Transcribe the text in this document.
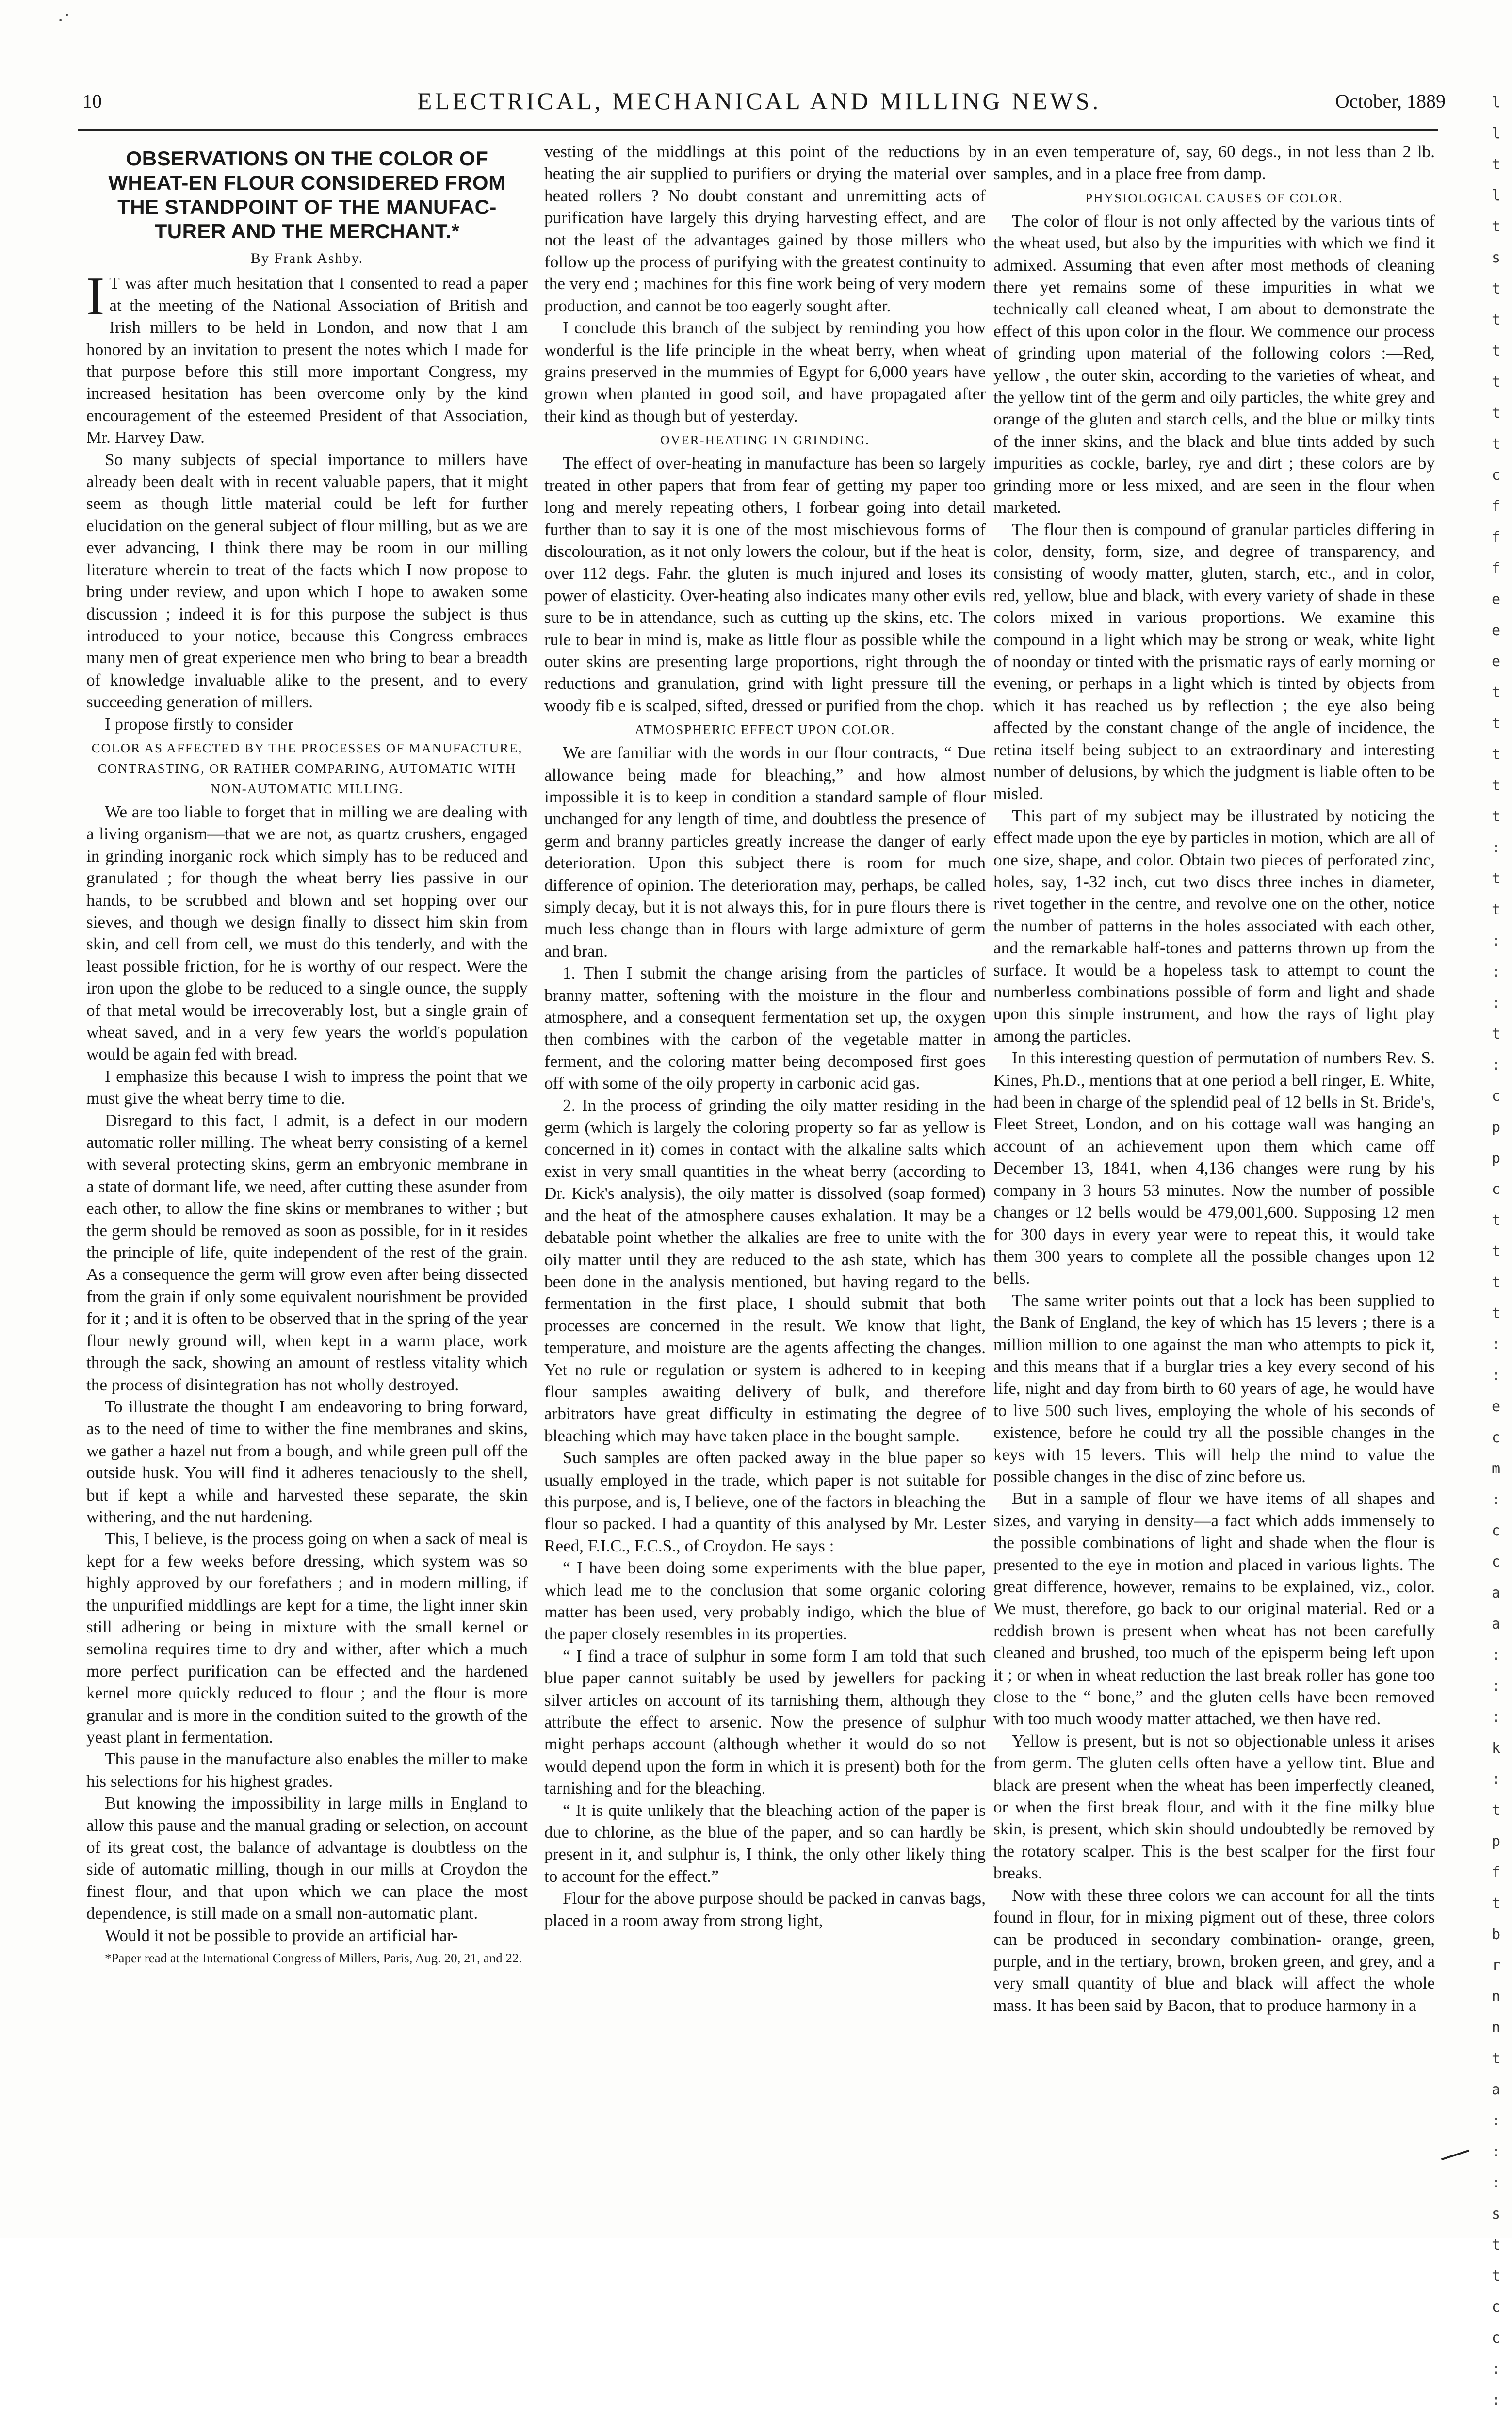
·˙
10	ELECTRICAL, MECHANICAL AND MILLING NEWS.	October, 1889
OBSERVATIONS ON THE COLOR OF WHEAT-EN FLOUR CONSIDERED FROM THE STANDPOINT OF THE MANUFAC-TURER AND THE MERCHANT.*
By Frank Ashby.

I T was after much hesitation that I consented to read a paper at the meeting of the National Association of British and Irish millers to be held in London, and now that I am honored by an invitation to present the notes which I made for that purpose before this still more important Congress, my increased hesitation has been overcome only by the kind encouragement of the esteemed President of that Association, Mr. Harvey Daw.

So many subjects of special importance to millers have already been dealt with in recent valuable papers, that it might seem as though little material could be left for further elucidation on the general subject of flour milling, but as we are ever advancing, I think there may be room in our milling literature wherein to treat of the facts which I now propose to bring under review, and upon which I hope to awaken some discussion ; indeed it is for this purpose the subject is thus introduced to your notice, because this Congress embraces many men of great experience men who bring to bear a breadth of knowledge invaluable alike to the present, and to every succeeding generation of millers.

I propose firstly to consider

COLOR AS AFFECTED BY THE PROCESSES OF MANUFACTURE, CONTRASTING, OR RATHER COMPARING, AUTOMATIC WITH NON-AUTOMATIC MILLING.

We are too liable to forget that in milling we are dealing with a living organism—that we are not, as quartz crushers, engaged in grinding inorganic rock which simply has to be reduced and granulated ; for though the wheat berry lies passive in our hands, to be scrubbed and blown and set hopping over our sieves, and though we design finally to dissect him skin from skin, and cell from cell, we must do this tenderly, and with the least possible friction, for he is worthy of our respect. Were the iron upon the globe to be reduced to a single ounce, the supply of that metal would be irrecoverably lost, but a single grain of wheat saved, and in a very few years the world's population would be again fed with bread.

I emphasize this because I wish to impress the point that we must give the wheat berry time to die.

Disregard to this fact, I admit, is a defect in our modern automatic roller milling. The wheat berry consisting of a kernel with several protecting skins, germ an embryonic membrane in a state of dormant life, we need, after cutting these asunder from each other, to allow the fine skins or membranes to wither ; but the germ should be removed as soon as possible, for in it resides the principle of life, quite independent of the rest of the grain. As a consequence the germ will grow even after being dissected from the grain if only some equivalent nourishment be provided for it ; and it is often to be observed that in the spring of the year flour newly ground will, when kept in a warm place, work through the sack, showing an amount of restless vitality which the process of disintegration has not wholly destroyed.

To illustrate the thought I am endeavoring to bring forward, as to the need of time to wither the fine membranes and skins, we gather a hazel nut from a bough, and while green pull off the outside husk. You will find it adheres tenaciously to the shell, but if kept a while and harvested these separate, the skin withering, and the nut hardening.

This, I believe, is the process going on when a sack of meal is kept for a few weeks before dressing, which system was so highly approved by our forefathers ; and in modern milling, if the unpurified middlings are kept for a time, the light inner skin still adhering or being in mixture with the small kernel or semolina requires time to dry and wither, after which a much more perfect purification can be effected and the hardened kernel more quickly reduced to flour ; and the flour is more granular and is more in the condition suited to the growth of the yeast plant in fermentation.

This pause in the manufacture also enables the miller to make his selections for his highest grades.

But knowing the impossibility in large mills in England to allow this pause and the manual grading or selection, on account of its great cost, the balance of advantage is doubtless on the side of automatic milling, though in our mills at Croydon the finest flour, and that upon which we can place the most dependence, is still made on a small non-automatic plant.

Would it not be possible to provide an artificial har-

*Paper read at the International Congress of Millers, Paris, Aug. 20, 21, and 22.

vesting of the middlings at this point of the reductions by heating the air supplied to purifiers or drying the material over heated rollers ? No doubt constant and unremitting acts of purification have largely this drying harvesting effect, and are not the least of the advantages gained by those millers who follow up the process of purifying with the greatest continuity to the very end ; machines for this fine work being of very modern production, and cannot be too eagerly sought after.

I conclude this branch of the subject by reminding you how wonderful is the life principle in the wheat berry, when wheat grains preserved in the mummies of Egypt for 6,000 years have grown when planted in good soil, and have propagated after their kind as though but of yesterday.

OVER-HEATING IN GRINDING.

The effect of over-heating in manufacture has been so largely treated in other papers that from fear of getting my paper too long and merely repeating others, I forbear going into detail further than to say it is one of the most mischievous forms of discolouration, as it not only lowers the colour, but if the heat is over 112 degs. Fahr. the gluten is much injured and loses its power of elasticity. Over-heating also indicates many other evils sure to be in attendance, such as cutting up the skins, etc. The rule to bear in mind is, make as little flour as possible while the outer skins are presenting large proportions, right through the reductions and granulation, grind with light pressure till the woody fib e is scalped, sifted, dressed or purified from the chop.

ATMOSPHERIC EFFECT UPON COLOR.

We are familiar with the words in our flour contracts, “ Due allowance being made for bleaching,” and how almost impossible it is to keep in condition a standard sample of flour unchanged for any length of time, and doubtless the presence of germ and branny particles greatly increase the danger of early deterioration. Upon this subject there is room for much difference of opinion. The deterioration may, perhaps, be called simply decay, but it is not always this, for in pure flours there is much less change than in flours with large admixture of germ and bran.

1. Then I submit the change arising from the particles of branny matter, softening with the moisture in the flour and atmosphere, and a consequent fermentation set up, the oxygen then combines with the carbon of the vegetable matter in ferment, and the coloring matter being decomposed first goes off with some of the oily property in carbonic acid gas.

2. In the process of grinding the oily matter residing in the germ (which is largely the coloring property so far as yellow is concerned in it) comes in contact with the alkaline salts which exist in very small quantities in the wheat berry (according to Dr. Kick's analysis), the oily matter is dissolved (soap formed) and the heat of the atmosphere causes exhalation. It may be a debatable point whether the alkalies are free to unite with the oily matter until they are reduced to the ash state, which has been done in the analysis mentioned, but having regard to the fermentation in the first place, I should submit that both processes are concerned in the result. We know that light, temperature, and moisture are the agents affecting the changes. Yet no rule or regulation or system is adhered to in keeping flour samples awaiting delivery of bulk, and therefore arbitrators have great difficulty in estimating the degree of bleaching which may have taken place in the bought sample.

Such samples are often packed away in the blue paper so usually employed in the trade, which paper is not suitable for this purpose, and is, I believe, one of the factors in bleaching the flour so packed. I had a quantity of this analysed by Mr. Lester Reed, F.I.C., F.C.S., of Croydon. He says :

“ I have been doing some experiments with the blue paper, which lead me to the conclusion that some organic coloring matter has been used, very probably indigo, which the blue of the paper closely resembles in its properties.

“ I find a trace of sulphur in some form I am told that such blue paper cannot suitably be used by jewellers for packing silver articles on account of its tarnishing them, although they attribute the effect to arsenic. Now the presence of sulphur might perhaps account (although whether it would do so not would depend upon the form in which it is present) both for the tarnishing and for the bleaching.

“ It is quite unlikely that the bleaching action of the paper is due to chlorine, as the blue of the paper, and so can hardly be present in it, and sulphur is, I think, the only other likely thing to account for the effect.”

Flour for the above purpose should be packed in canvas bags, placed in a room away from strong light,

in an even temperature of, say, 60 degs., in not less than 2 lb. samples, and in a place free from damp.

PHYSIOLOGICAL CAUSES OF COLOR.

The color of flour is not only affected by the various tints of the wheat used, but also by the impurities with which we find it admixed. Assuming that even after most methods of cleaning there yet remains some of these impurities in what we technically call cleaned wheat, I am about to demonstrate the effect of this upon color in the flour. We commence our process of grinding upon material of the following colors :—Red, yellow , the outer skin, according to the varieties of wheat, and the yellow tint of the germ and oily particles, the white grey and orange of the gluten and starch cells, and the blue or milky tints of the inner skins, and the black and blue tints added by such impurities as cockle, barley, rye and dirt ; these colors are by grinding more or less mixed, and are seen in the flour when marketed.

The flour then is compound of granular particles differing in color, density, form, size, and degree of transparency, and consisting of woody matter, gluten, starch, etc., and in color, red, yellow, blue and black, with every variety of shade in these colors mixed in various proportions. We examine this compound in a light which may be strong or weak, white light of noonday or tinted with the prismatic rays of early morning or evening, or perhaps in a light which is tinted by objects from which it has reached us by reflection ; the eye also being affected by the constant change of the angle of incidence, the retina itself being subject to an extraordinary and interesting number of delusions, by which the judgment is liable often to be misled.

This part of my subject may be illustrated by noticing the effect made upon the eye by particles in motion, which are all of one size, shape, and color. Obtain two pieces of perforated zinc, holes, say, 1-32 inch, cut two discs three inches in diameter, rivet together in the centre, and revolve one on the other, notice the number of patterns in the holes associated with each other, and the remarkable half-tones and patterns thrown up from the surface. It would be a hopeless task to attempt to count the numberless combinations possible of form and light and shade upon this simple instrument, and how the rays of light play among the particles.

In this interesting question of permutation of numbers Rev. S. Kines, Ph.D., mentions that at one period a bell ringer, E. White, had been in charge of the splendid peal of 12 bells in St. Bride's, Fleet Street, London, and on his cottage wall was hanging an account of an achievement upon them which came off December 13, 1841, when 4,136 changes were rung by his company in 3 hours 53 minutes. Now the number of possible changes or 12 bells would be 479,001,600. Supposing 12 men for 300 days in every year were to repeat this, it would take them 300 years to complete all the possible changes upon 12 bells.

The same writer points out that a lock has been supplied to the Bank of England, the key of which has 15 levers ; there is a million million to one against the man who attempts to pick it, and this means that if a burglar tries a key every second of his life, night and day from birth to 60 years of age, he would have to live 500 such lives, employing the whole of his seconds of existence, before he could try all the possible changes in the keys with 15 levers. This will help the mind to value the possible changes in the disc of zinc before us.

But in a sample of flour we have items of all shapes and sizes, and varying in density—a fact which adds immensely to the possible combinations of light and shade when the flour is presented to the eye in motion and placed in various lights. The great difference, however, remains to be explained, viz., color. We must, therefore, go back to our original material. Red or a reddish brown is present when wheat has not been carefully cleaned and brushed, too much of the episperm being left upon it ; or when in wheat reduction the last break roller has gone too close to the “ bone,” and the gluten cells have been removed with too much woody matter attached, we then have red.

Yellow is present, but is not so objectionable unless it arises from germ. The gluten cells often have a yellow tint. Blue and black are present when the wheat has been imperfectly cleaned, or when the first break flour, and with it the fine milky blue skin, is present, which skin should undoubtedly be removed by the rotatory scalper. This is the best scalper for the first four breaks.

Now with these three colors we can account for all the tints found in flour, for in mixing pigment out of these, three colors can be produced in secondary combination- orange, green, purple, and in the tertiary, brown, broken green, and grey, and a very small quantity of blue and black will affect the whole mass. It has been said by Bacon, that to produce harmony in a

lltltsttttttcfffeeettttt:tt:::t:cppctttt::ecm:ccaa:::k:tpftbrnnta:::sttcc::
